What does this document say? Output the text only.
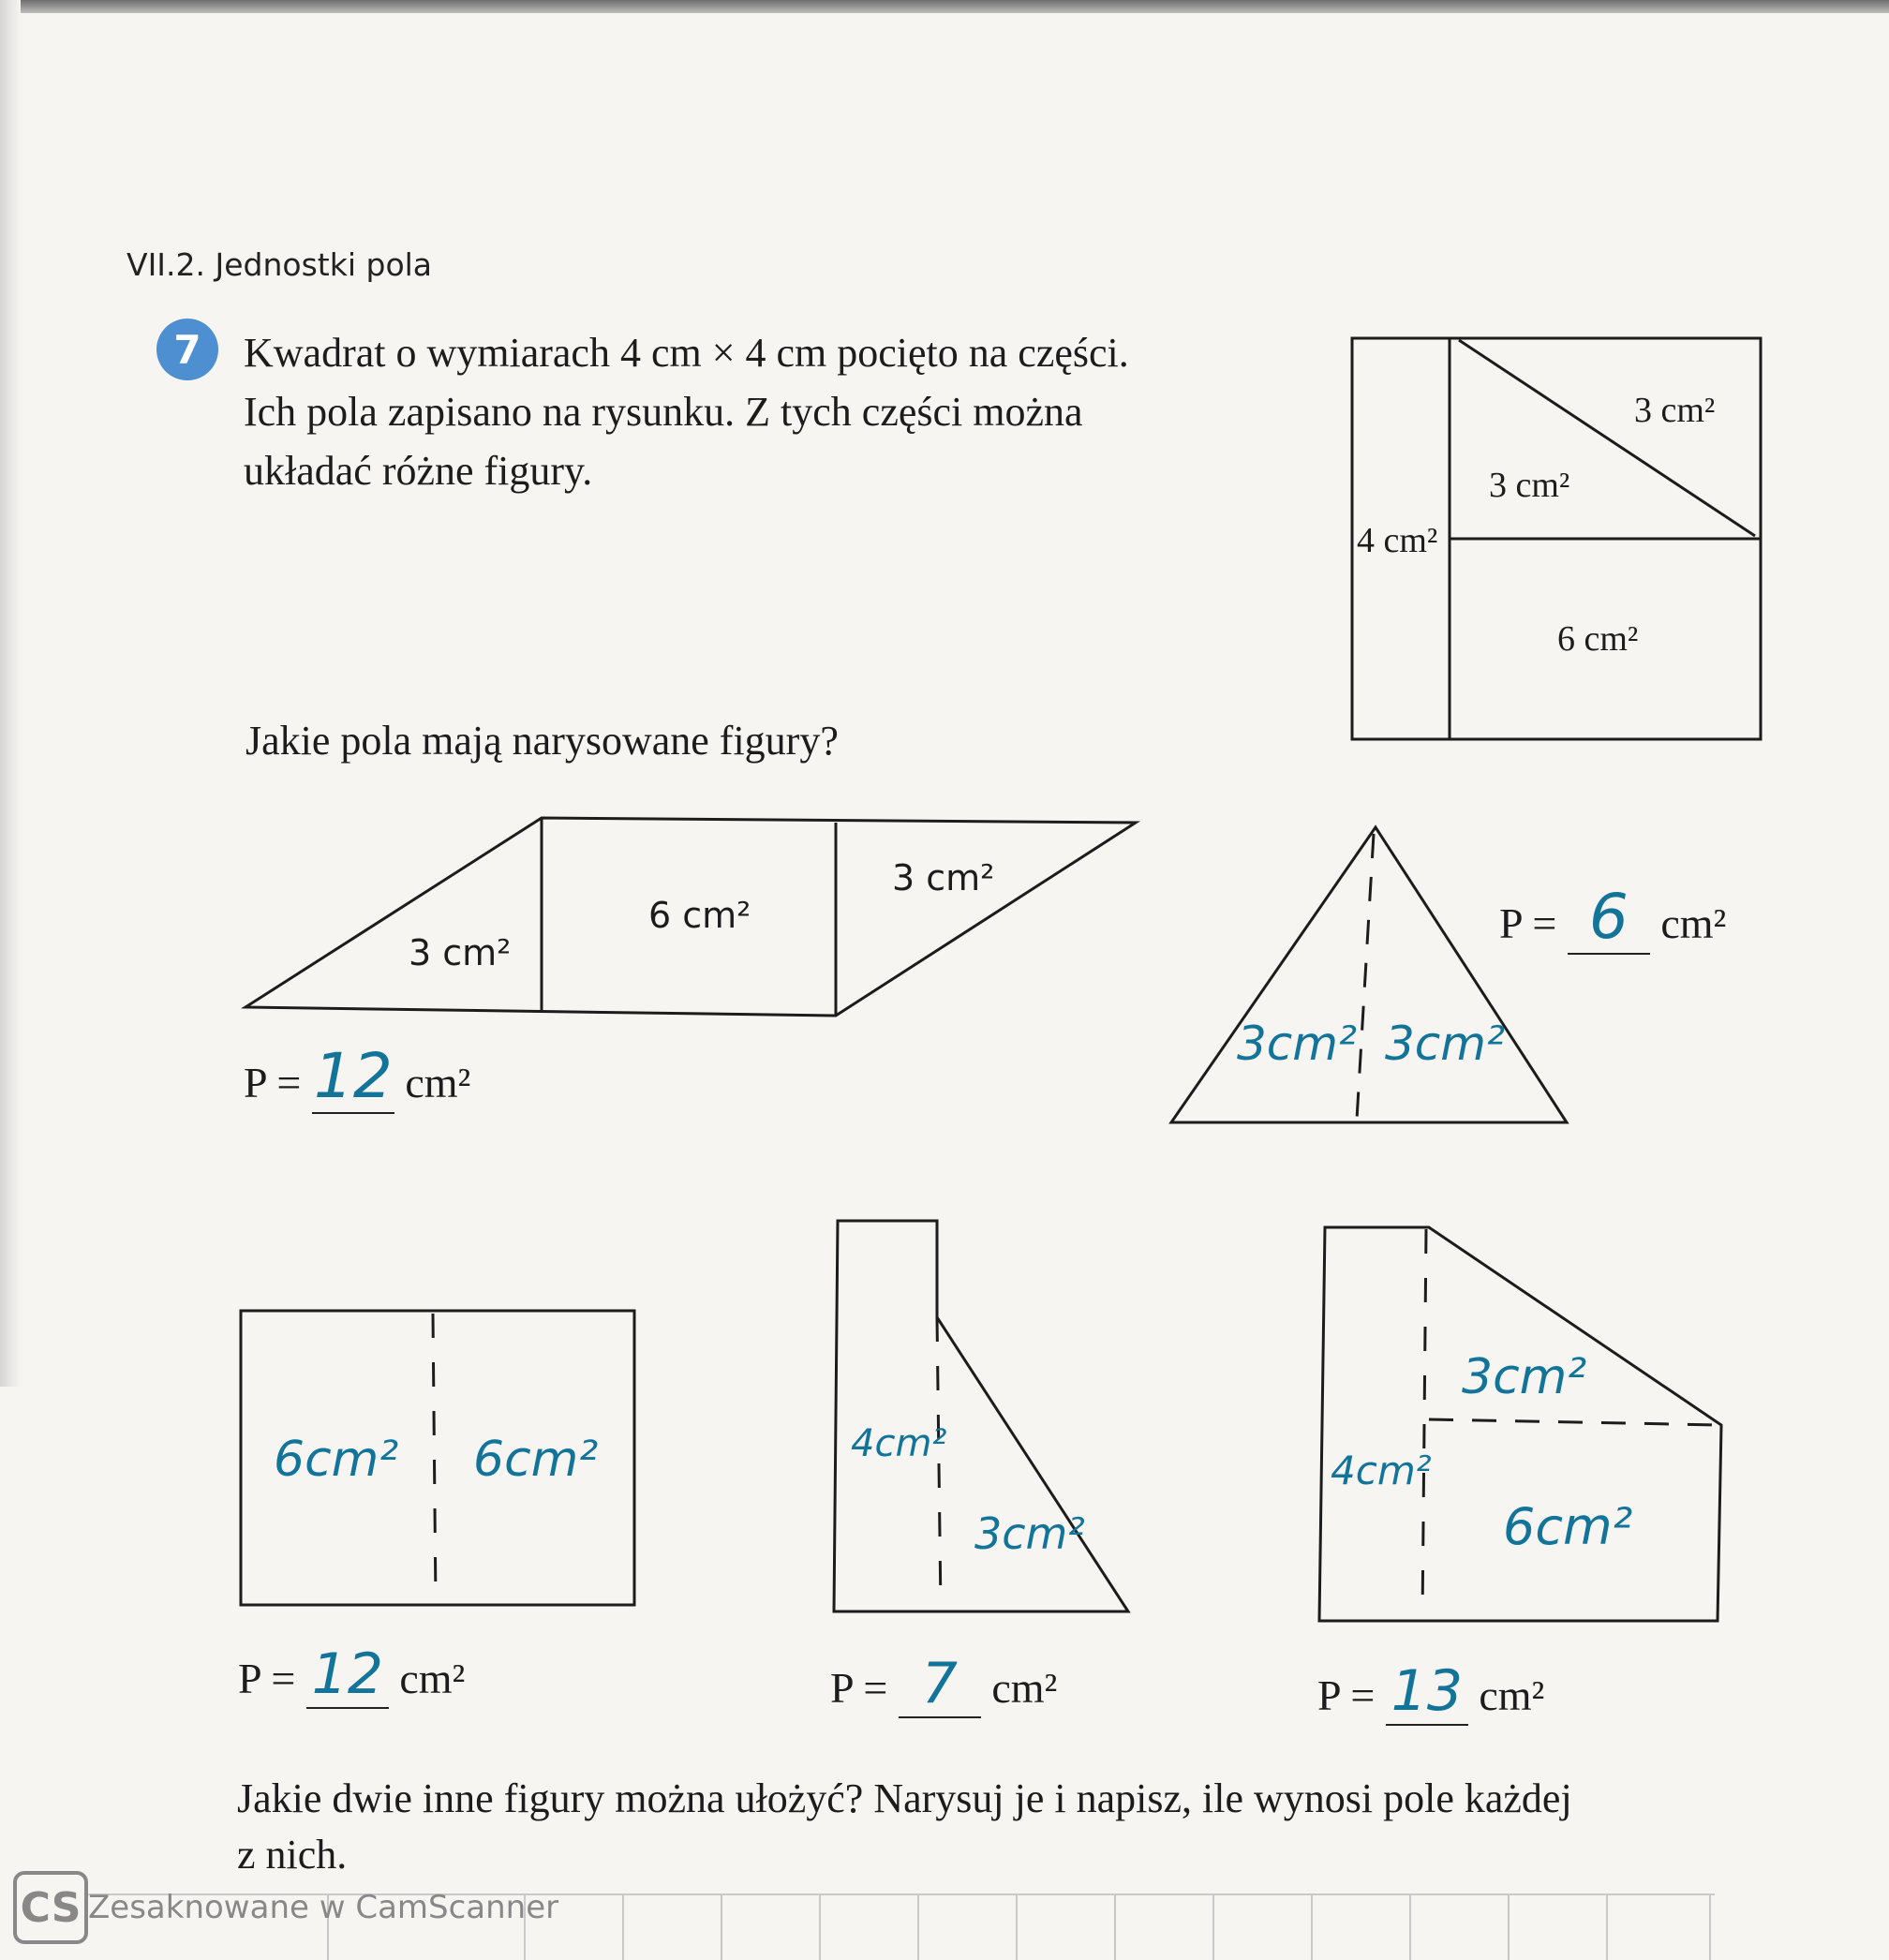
VII.2. Jednostki pola
7	Kwadrat o wymiarach 4 cm × 4 cm pocięto na części.
Ich pola zapisano na rysunku. Z tych części można
układać różne figury.
3 cm²
3 cm²
4 cm²
6 cm²
Jakie pola mają narysowane figury?
3 cm²
6 cm²
3 cm²
P = 12 cm²
3cm² 3cm²
P = 6 cm²
6cm² 6cm²
P = 12 cm²
4cm²
3cm²
P = 7 cm²
4cm²
3cm²
6cm²
P = 13 cm²
Jakie dwie inne figury można ułożyć? Narysuj je i napisz, ile wynosi pole każdej
z nich.
CS Zesaknowane w CamScanner
